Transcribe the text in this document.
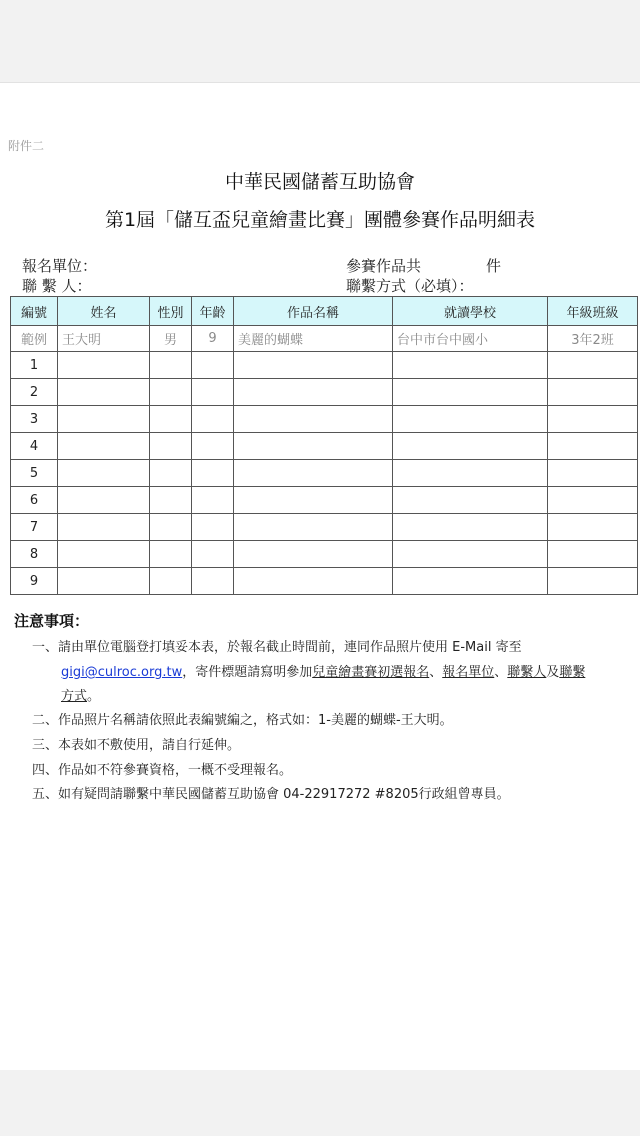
附件二
中華民國儲蓄互助協會
第1屆「儲互盃兒童繪畫比賽」團體參賽作品明細表
報名單位：
聯 繫 人：
參賽作品共	件
聯繫方式（必填）：
編號	姓名	性別	年齡	作品名稱	就讀學校	年級班級
範例	王大明	男	9	美麗的蝴蝶	台中市台中國小	3年2班
1						
2						
3						
4						
5						
6						
7						
8						
9						
注意事項：
一、請由單位電腦登打填妥本表，於報名截止時間前，連同作品照片使用 E-Mail 寄至
gigi@culroc.org.tw，寄件標題請寫明參加兒童繪畫賽初選報名、報名單位、聯繫人及聯繫
方式。
二、作品照片名稱請依照此表編號編之，格式如：1-美麗的蝴蝶-王大明。
三、本表如不敷使用，請自行延伸。
四、作品如不符參賽資格，一概不受理報名。
五、如有疑問請聯繫中華民國儲蓄互助協會 04-22917272 #8205行政組曾專員。
